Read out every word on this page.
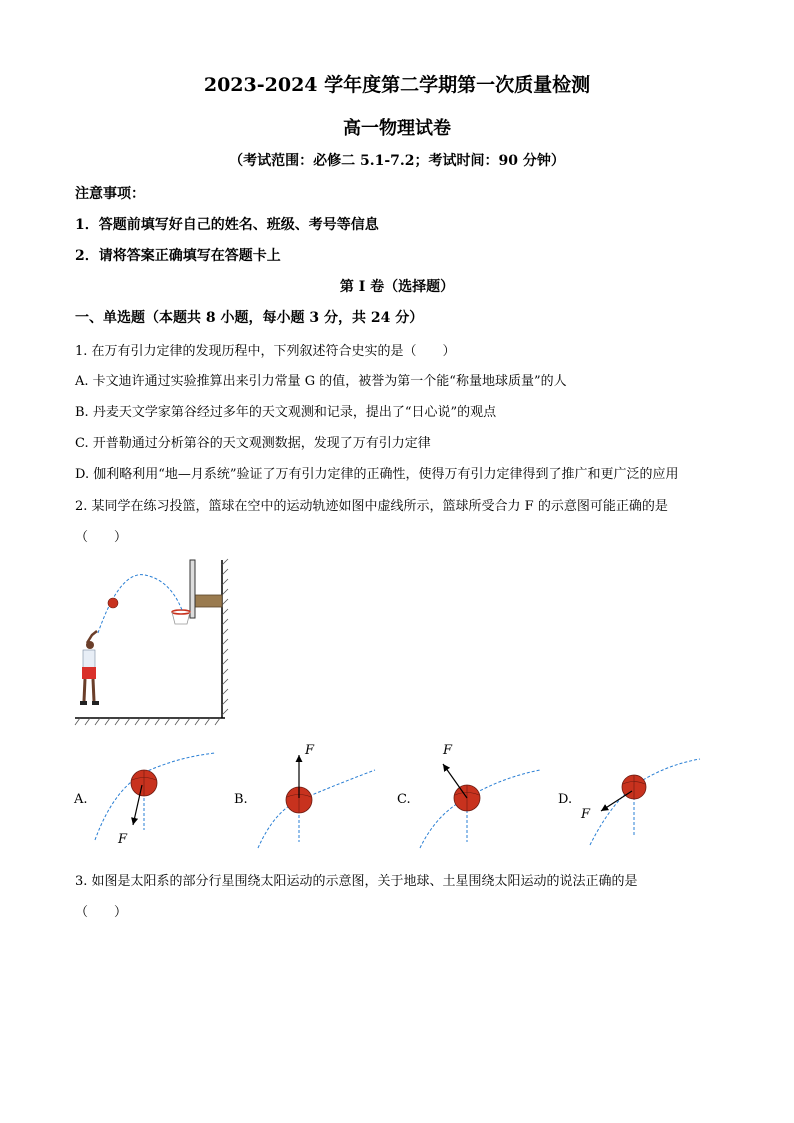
2023-2024 学年度第二学期第一次质量检测
高一物理试卷
（考试范围：必修二 5.1-7.2；考试时间：90 分钟）
注意事项：
1．答题前填写好自己的姓名、班级、考号等信息
2．请将答案正确填写在答题卡上
第 I 卷（选择题）
一、单选题（本题共 8 小题，每小题 3 分，共 24 分）
1. 在万有引力定律的发现历程中，下列叙述符合史实的是（　　）
A. 卡文迪许通过实验推算出来引力常量 G 的值，被誉为第一个能“称量地球质量”的人
B. 丹麦天文学家第谷经过多年的天文观测和记录，提出了“日心说”的观点
C. 开普勒通过分析第谷的天文观测数据，发现了万有引力定律
D. 伽利略利用“地—月系统”验证了万有引力定律的正确性，使得万有引力定律得到了推广和更广泛的应用
2. 某同学在练习投篮，篮球在空中的运动轨迹如图中虚线所示，篮球所受合力 F 的示意图可能正确的是
（　　）
A.	B.	C.	D.
F
F	F
F
3. 如图是太阳系的部分行星围绕太阳运动的示意图，关于地球、土星围绕太阳运动的说法正确的是
（　　）
